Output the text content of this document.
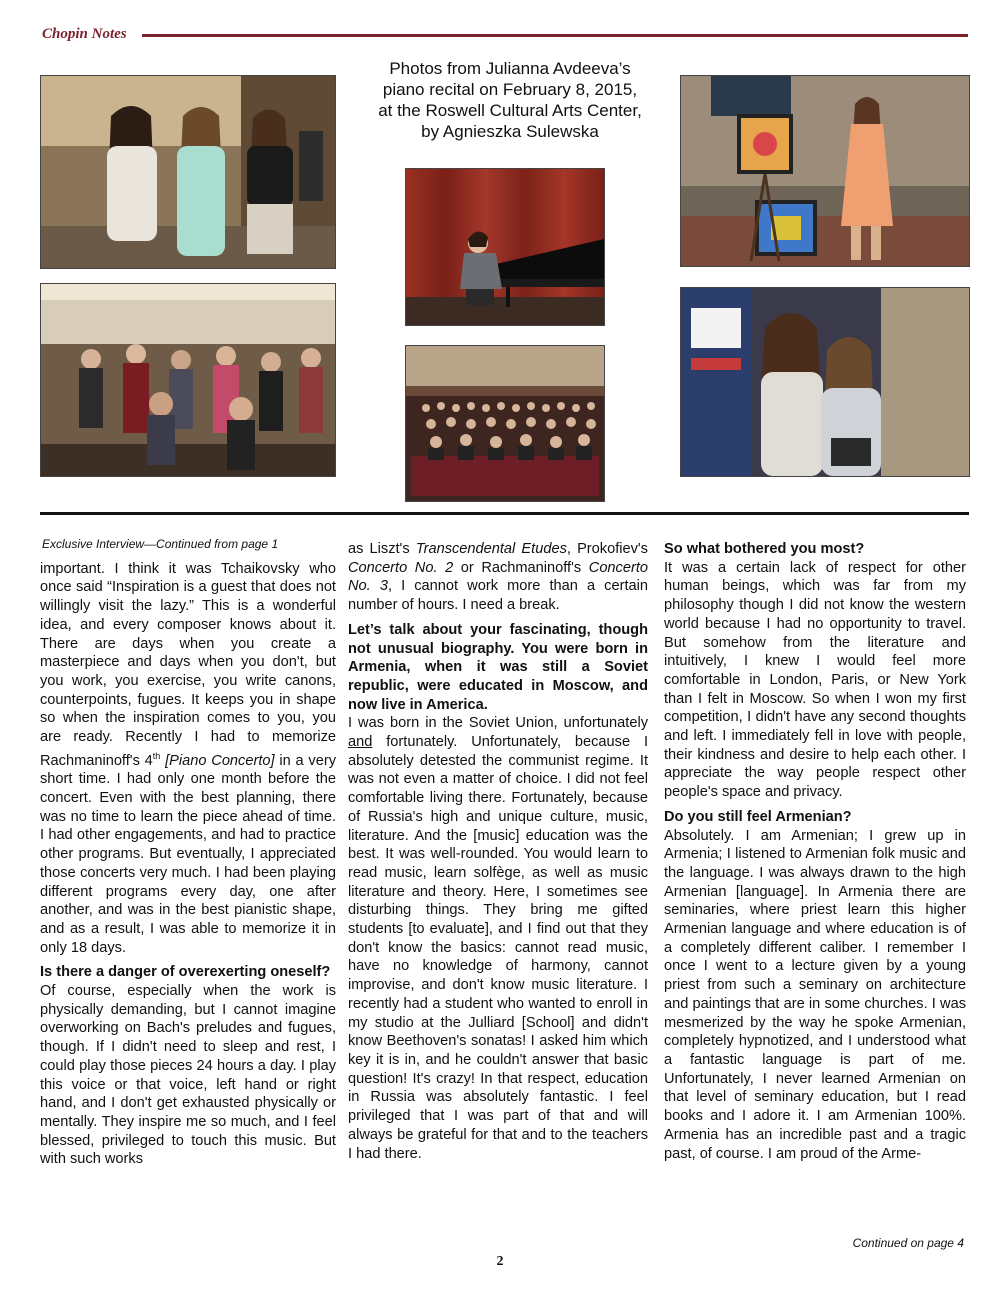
Chopin Notes
Photos from Julianna Avdeeva’s
piano recital on February 8, 2015,
at the Roswell Cultural Arts Center,
by Agnieszka Sulewska
Exclusive Interview—Continued from page 1

important. I think it was Tchaikovsky who once said “Inspiration is a guest that does not willingly visit the lazy.” This is a wonderful idea, and every composer knows about it. There are days when you create a masterpiece and days when you don't, but you work, you exercise, you write canons, counterpoints, fugues. It keeps you in shape so when the inspiration comes to you, you are ready. Recently I had to memorize Rachmaninoff's 4th [Piano Concerto] in a very short time. I had only one month before the concert. Even with the best planning, there was no time to learn the piece ahead of time. I had other engagements, and had to practice other programs. But eventually, I appreciated those concerts very much. I had been playing different programs every day, one after another, and was in the best pianistic shape, and as a result, I was able to memorize it in only 18 days.

Is there a danger of overexerting oneself?

Of course, especially when the work is physically demanding, but I cannot imagine overworking on Bach's preludes and fugues, though. If I didn't need to sleep and rest, I could play those pieces 24 hours a day. I play this voice or that voice, left hand or right hand, and I don't get exhausted physically or mentally. They inspire me so much, and I feel blessed, privileged to touch this music. But with such works

as Liszt's Transcendental Etudes, Prokofiev's Concerto No. 2 or Rachmaninoff's Concerto No. 3, I cannot work more than a certain number of hours. I need a break.

Let’s talk about your fascinating, though not unusual biography. You were born in Armenia, when it was still a Soviet republic, were educated in Moscow, and now live in America.

I was born in the Soviet Union, unfortunately and fortunately. Unfortunately, because I absolutely detested the communist regime. It was not even a matter of choice. I did not feel comfortable living there. Fortunately, because of Russia's high and unique culture, music, literature. And the [music] education was the best. It was well-rounded. You would learn to read music, learn solfège, as well as music literature and theory. Here, I sometimes see disturbing things. They bring me gifted students [to evaluate], and I find out that they don't know the basics: cannot read music, have no knowledge of harmony, cannot improvise, and don't know music literature. I recently had a student who wanted to enroll in my studio at the Julliard [School] and didn't know Beethoven's sonatas! I asked him which key it is in, and he couldn't answer that basic question! It's crazy! In that respect, education in Russia was absolutely fantastic. I feel privileged that I was part of that and will always be grateful for that and to the teachers I had there.

So what bothered you most?

It was a certain lack of respect for other human beings, which was far from my philosophy though I did not know the western world because I had no opportunity to travel. But somehow from the literature and intuitively, I knew I would feel more comfortable in London, Paris, or New York than I felt in Moscow. So when I won my first competition, I didn't have any second thoughts and left. I immediately fell in love with people, their kindness and desire to help each other. I appreciate the way people respect other people's space and privacy.

Do you still feel Armenian?

Absolutely. I am Armenian; I grew up in Armenia; I listened to Armenian folk music and the language. I was always drawn to the high Armenian [language]. In Armenia there are seminaries, where priest learn this higher Armenian language and where education is of a completely different caliber. I remember I once I went to a lecture given by a young priest from such a seminary on architecture and paintings that are in some churches. I was mesmerized by the way he spoke Armenian, completely hypnotized, and I understood what a fantastic language is part of me. Unfortunately, I never learned Armenian on that level of seminary education, but I read books and I adore it. I am Armenian 100%. Armenia has an incredible past and a tragic past, of course. I am proud of the Arme-

Continued on page 4
2
